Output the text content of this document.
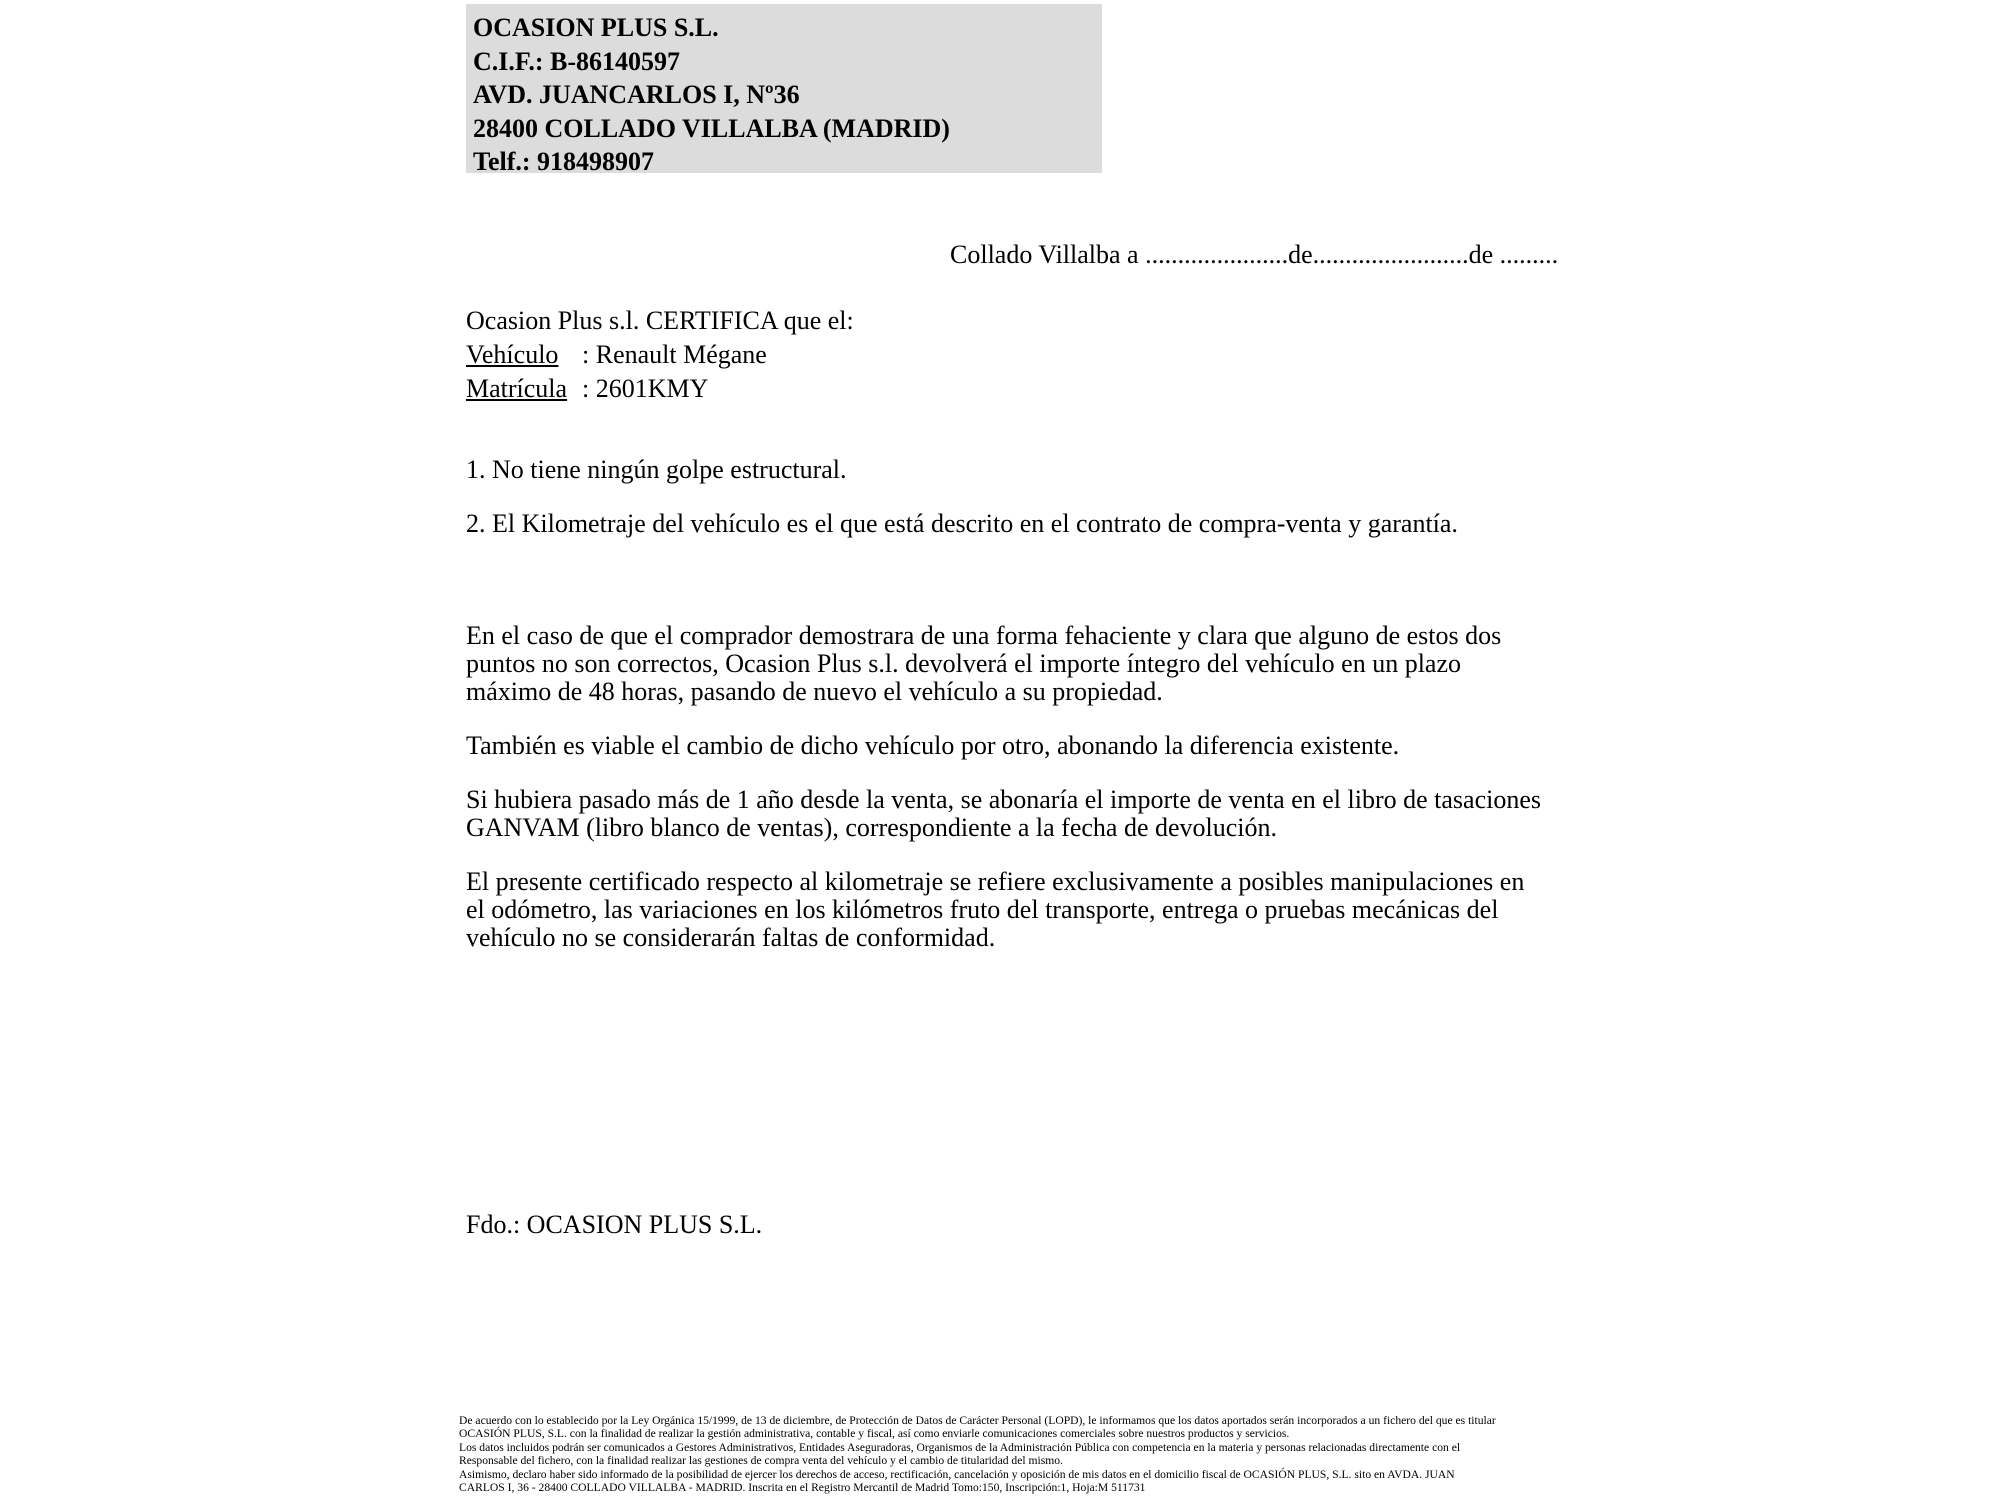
OCASION PLUS S.L.
C.I.F.: B-86140597
AVD. JUANCARLOS I, Nº36
28400 COLLADO VILLALBA (MADRID)
Telf.: 918498907
Collado Villalba a ......................de........................de .........
Ocasion Plus s.l. CERTIFICA que el:
Vehículo : Renault Mégane
Matrícula : 2601KMY

1. No tiene ningún golpe estructural.

2. El Kilometraje del vehículo es el que está descrito en el contrato de compra-venta y garantía.

En el caso de que el comprador demostrara de una forma fehaciente y clara que alguno de estos dos puntos no son correctos, Ocasion Plus s.l. devolverá el importe íntegro del vehículo en un plazo máximo de 48 horas, pasando de nuevo el vehículo a su propiedad.

También es viable el cambio de dicho vehículo por otro, abonando la diferencia existente.

Si hubiera pasado más de 1 año desde la venta, se abonaría el importe de venta en el libro de tasaciones GANVAM (libro blanco de ventas), correspondiente a la fecha de devolución.

El presente certificado respecto al kilometraje se refiere exclusivamente a posibles manipulaciones en el odómetro, las variaciones en los kilómetros fruto del transporte, entrega o pruebas mecánicas del vehículo no se considerarán faltas de conformidad.

Fdo.: OCASION PLUS S.L.
De acuerdo con lo establecido por la Ley Orgánica 15/1999, de 13 de diciembre, de Protección de Datos de Carácter Personal (LOPD), le informamos que los datos aportados serán incorporados a un fichero del que es titular
OCASIÓN PLUS, S.L. con la finalidad de realizar la gestión administrativa, contable y fiscal, así como enviarle comunicaciones comerciales sobre nuestros productos y servicios.
Los datos incluidos podrán ser comunicados a Gestores Administrativos, Entidades Aseguradoras, Organismos de la Administración Pública con competencia en la materia y personas relacionadas directamente con el
Responsable del fichero, con la finalidad realizar las gestiones de compra venta del vehículo y el cambio de titularidad del mismo.
Asimismo, declaro haber sido informado de la posibilidad de ejercer los derechos de acceso, rectificación, cancelación y oposición de mis datos en el domicilio fiscal de OCASIÓN PLUS, S.L. sito en AVDA. JUAN
CARLOS I, 36 - 28400 COLLADO VILLALBA - MADRID. Inscrita en el Registro Mercantil de Madrid Tomo:150, Inscripción:1, Hoja:M 511731
